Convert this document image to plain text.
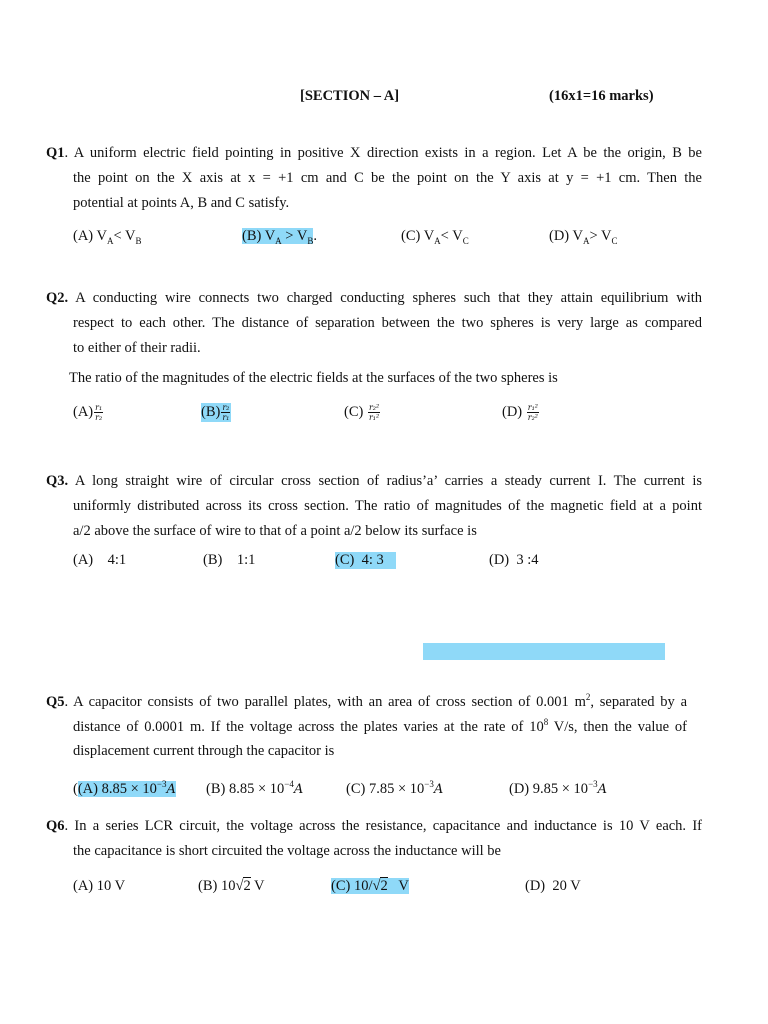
[SECTION – A]	(16x1=16 marks)
Q1. A uniform electric field pointing in positive X direction exists in a region. Let A be the origin, B be
the point on the X axis at x = +1 cm and C be the point on the Y axis at y = +1 cm. Then the
potential at points A, B and C satisfy.
(A) $V_A< V_B$	(B) $V_A > V_B$.	(C) $V_A< V_C$	(D) $V_A> V_C$
Q2. A conducting wire connects two charged conducting spheres such that they attain equilibrium with
respect to each other. The distance of separation between the two spheres is very large as compared
to either of their radii.
The ratio of the magnitudes of the electric fields at the surfaces of the two spheres is
$(A) \frac{\text{r₁}}{\text{r₂}}$	$(B) \frac{\text{r₂}}{\text{r₁}}$	$(C) \frac{\text{r₂²}}{\text{r₁²}}$	$(D) \frac{\text{r₁²}}{\text{r₂²}}$
Q3. A long straight wire of circular cross section of radius’a’ carries a steady current I. The current is
uniformly distributed across its cross section. The ratio of magnitudes of the magnetic field at a point
a/2 above the surface of wire to that of a point a/2 below its surface is
(A)    4:1	(B)    1:1	(C)  4: 3	(D)  3 :4
Q5. A capacitor consists of two parallel plates, with an area of cross section of 0.001 $m^2$, separated by a
distance of 0.0001 m. If the voltage across the plates varies at the rate of $10^8$ V/s, then the value of
displacement current through the capacitor is
((A) $8.85 \times 10^{-3}A$ (B) $8.85 \times 10^{-4}A$	(C) $7.85 \times 10^{-3}A$	(D) $9.85 \times 10^{-3}A$
Q6. In a series LCR circuit, the voltage across the resistance, capacitance and inductance is 10 V each. If
the capacitance is short circuited the voltage across the inductance will be
(A) 10 V	(B) 10√2 V	(C) 10/√2   V	(D)  20 V
